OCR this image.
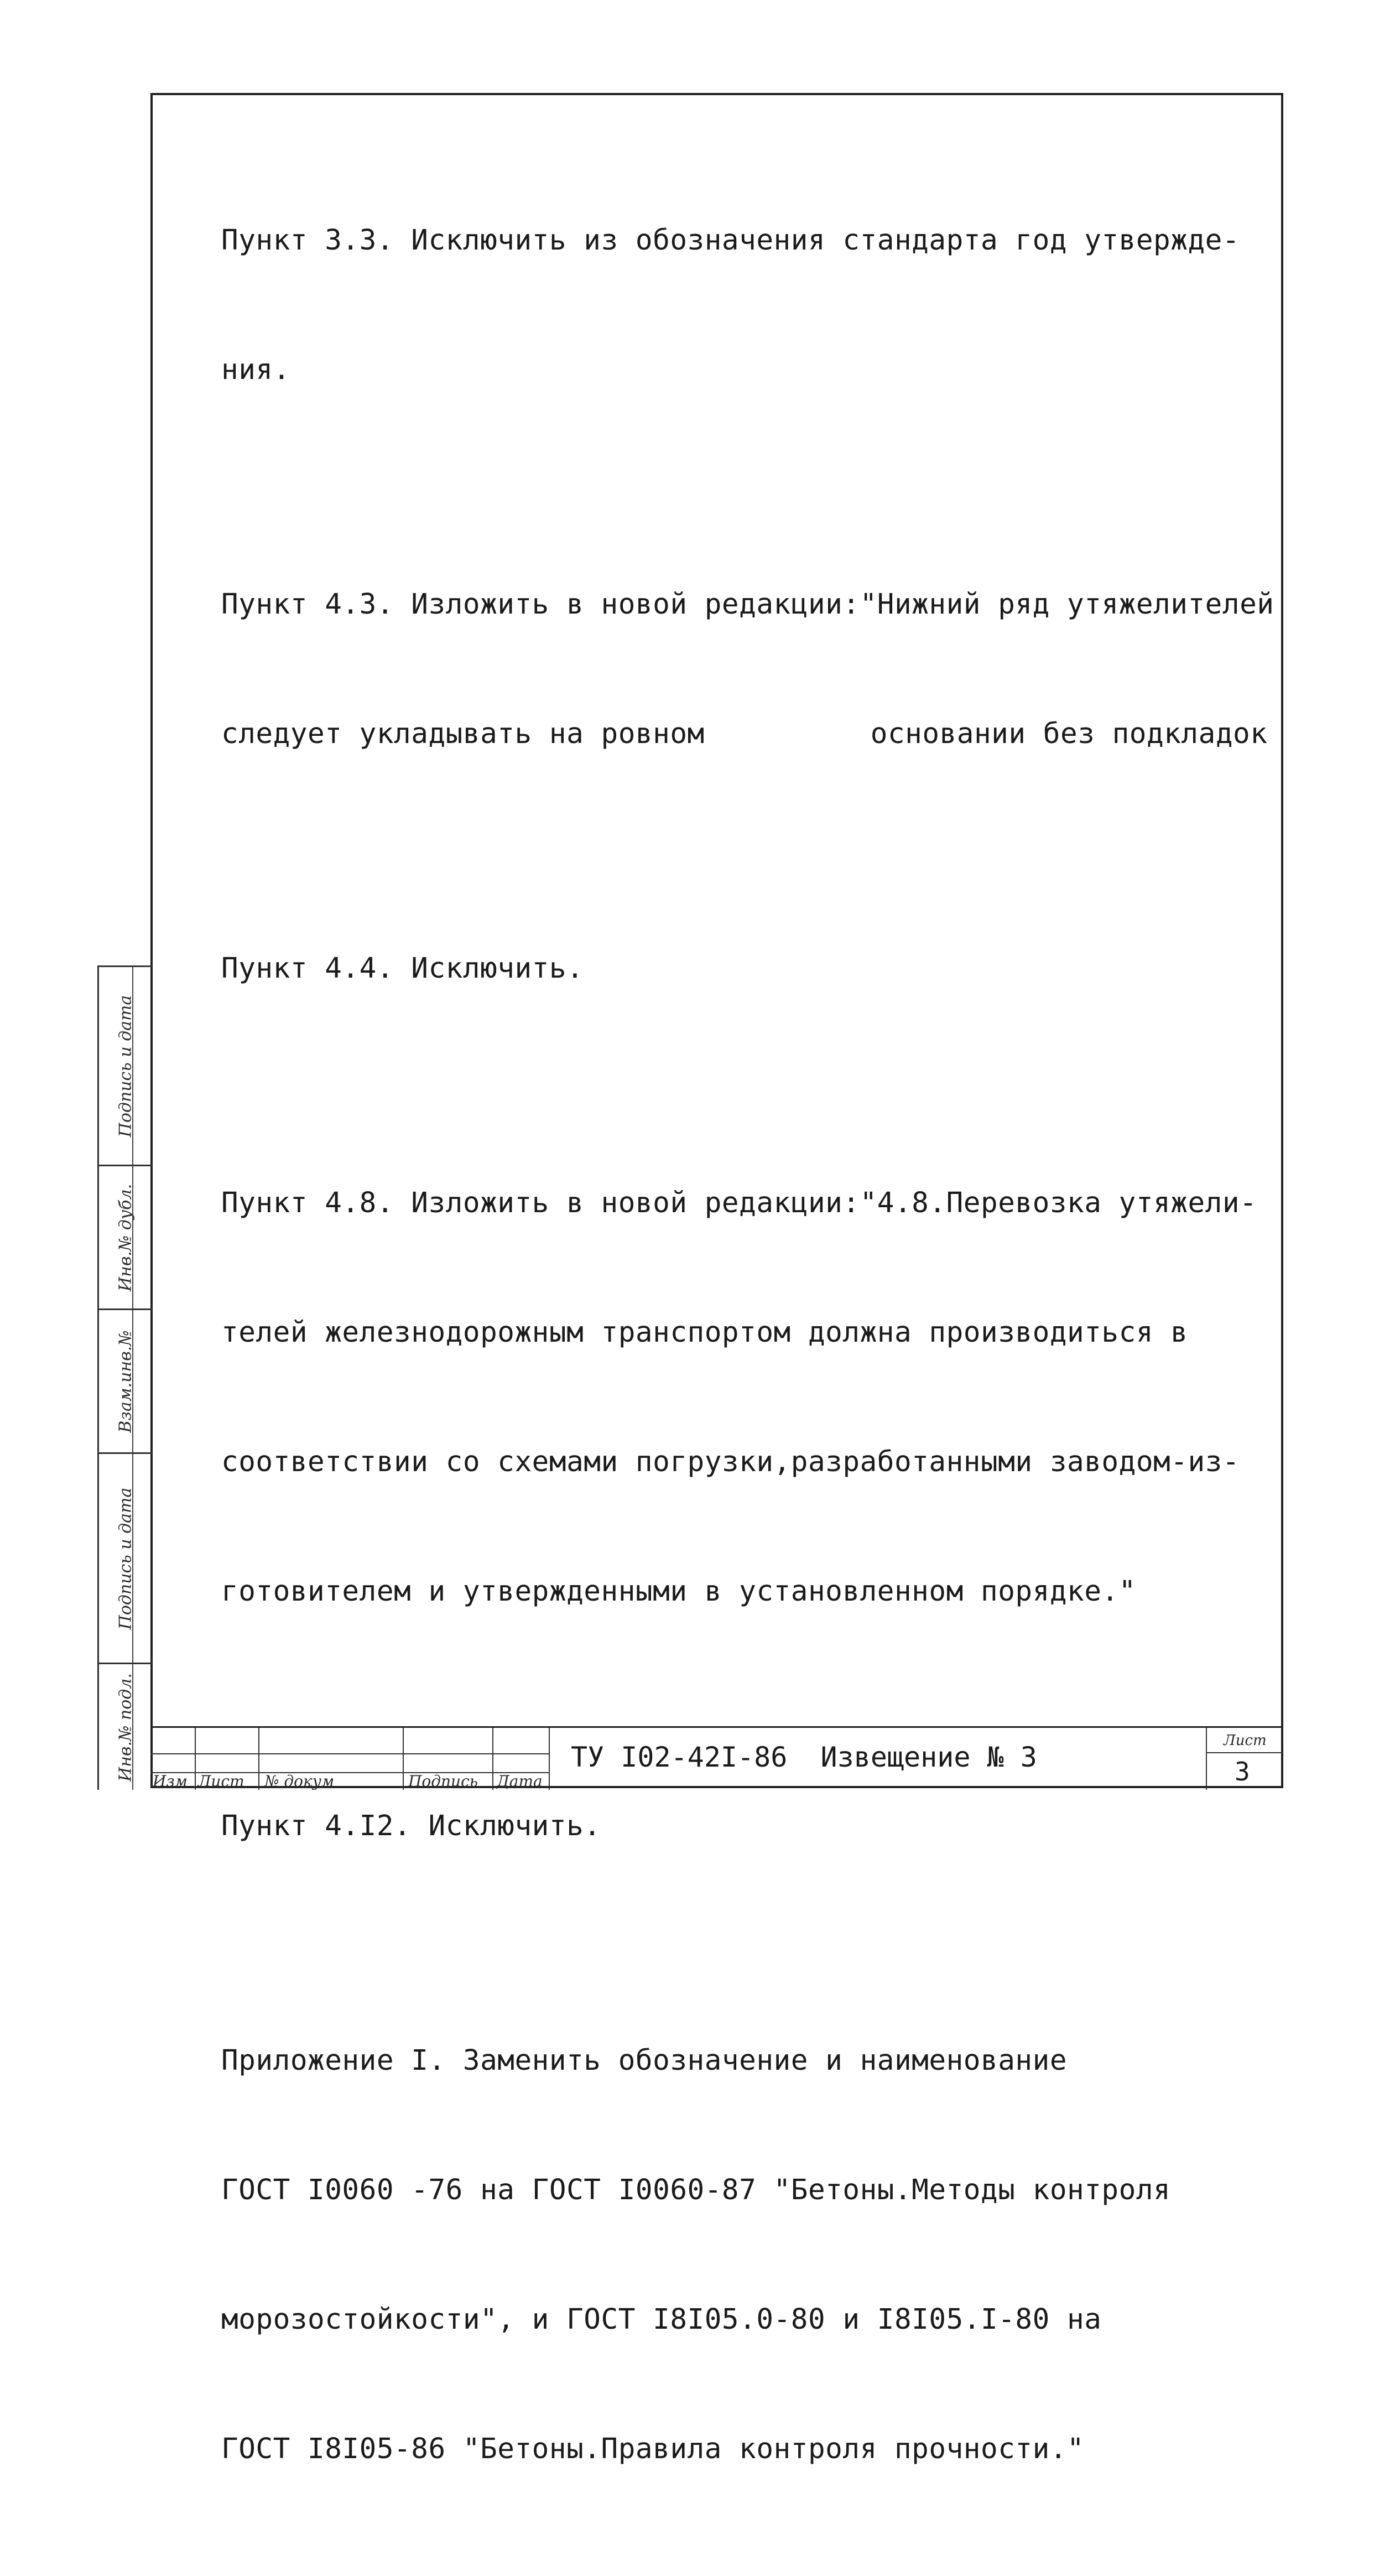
Пункт 3.3. Исключить из обозначения стандарта год утвержде-

ния.

Пункт 4.3. Изложить в новой редакции:"Нижний ряд утяжелителей

следует укладывать на ровном	основании без подкладок

Пункт 4.4. Исключить.

Пункт 4.8. Изложить в новой редакции:"4.8.Перевозка утяжели-

телей железнодорожным транспортом должна производиться в

соответствии со схемами погрузки,разработанными заводом-из-

готовителем и утвержденными в установленном порядке."

Пункт 4.I2. Исключить.

Приложение I. Заменить обозначение и наименование

ГОСТ I0060 -76 на ГОСТ I0060-87 "Бетоны.Методы контроля

морозостойкости", и ГОСТ I8I05.0-80 и I8I05.I-80 на

ГОСТ I8I05-86 "Бетоны.Правила контроля прочности."

Подпись и дата
Инв.№ дубл.
Взам.инв.№
Подпись и дата
Инв.№ подл.
Изм Лист № докум	Подпись Дата
ТУ I02-42I-86  Извещение № 3
Лист
3
